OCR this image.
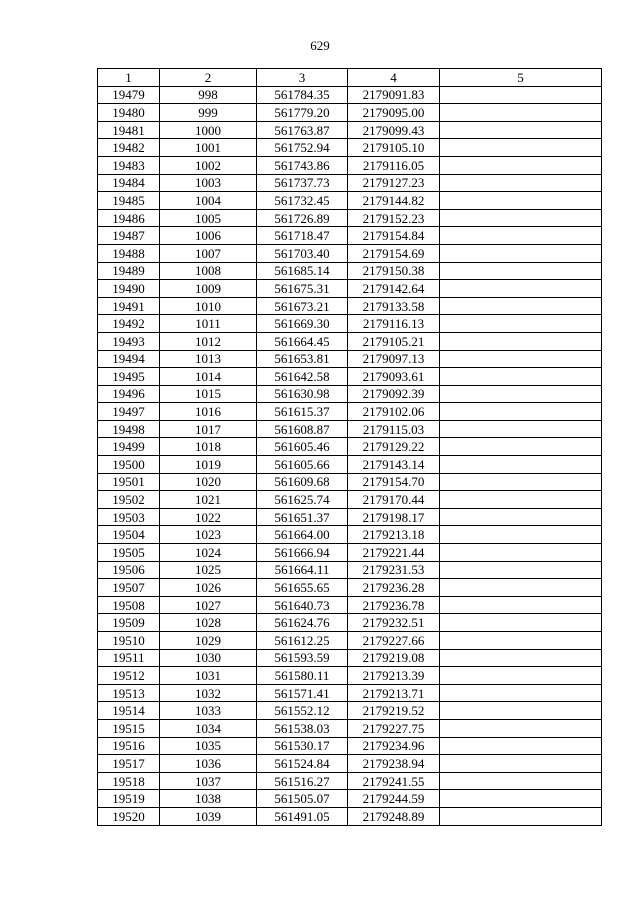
629
1	2	3	4	5
19479	998	561784.35	2179091.83	
19480	999	561779.20	2179095.00	
19481	1000	561763.87	2179099.43	
19482	1001	561752.94	2179105.10	
19483	1002	561743.86	2179116.05	
19484	1003	561737.73	2179127.23	
19485	1004	561732.45	2179144.82	
19486	1005	561726.89	2179152.23	
19487	1006	561718.47	2179154.84	
19488	1007	561703.40	2179154.69	
19489	1008	561685.14	2179150.38	
19490	1009	561675.31	2179142.64	
19491	1010	561673.21	2179133.58	
19492	1011	561669.30	2179116.13	
19493	1012	561664.45	2179105.21	
19494	1013	561653.81	2179097.13	
19495	1014	561642.58	2179093.61	
19496	1015	561630.98	2179092.39	
19497	1016	561615.37	2179102.06	
19498	1017	561608.87	2179115.03	
19499	1018	561605.46	2179129.22	
19500	1019	561605.66	2179143.14	
19501	1020	561609.68	2179154.70	
19502	1021	561625.74	2179170.44	
19503	1022	561651.37	2179198.17	
19504	1023	561664.00	2179213.18	
19505	1024	561666.94	2179221.44	
19506	1025	561664.11	2179231.53	
19507	1026	561655.65	2179236.28	
19508	1027	561640.73	2179236.78	
19509	1028	561624.76	2179232.51	
19510	1029	561612.25	2179227.66	
19511	1030	561593.59	2179219.08	
19512	1031	561580.11	2179213.39	
19513	1032	561571.41	2179213.71	
19514	1033	561552.12	2179219.52	
19515	1034	561538.03	2179227.75	
19516	1035	561530.17	2179234.96	
19517	1036	561524.84	2179238.94	
19518	1037	561516.27	2179241.55	
19519	1038	561505.07	2179244.59	
19520	1039	561491.05	2179248.89	
